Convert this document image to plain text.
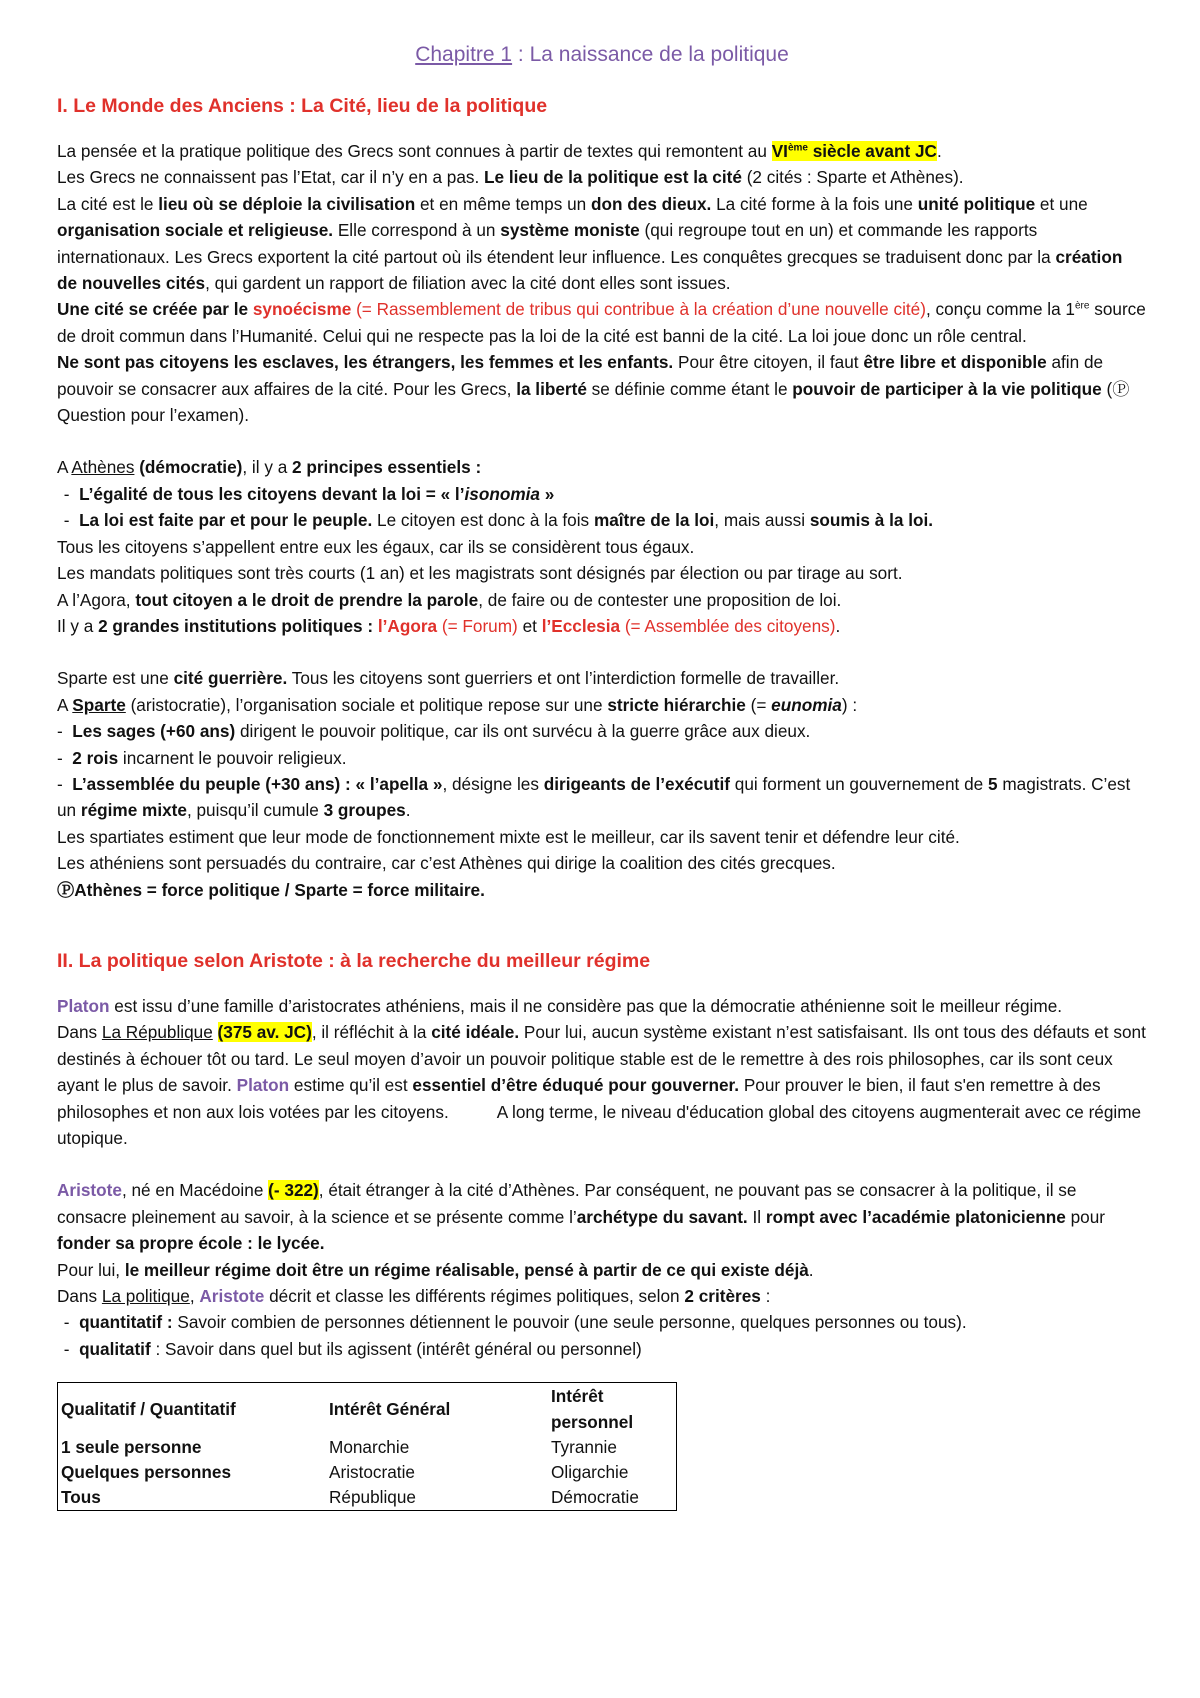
Chapitre 1 : La naissance de la politique
I. Le Monde des Anciens : La Cité, lieu de la politique

La pensée et la pratique politique des Grecs sont connues à partir de textes qui remontent au VIème siècle avant JC.

Les Grecs ne connaissent pas l’Etat, car il n’y en a pas. Le lieu de la politique est la cité (2 cités : Sparte et Athènes).

La cité est le lieu où se déploie la civilisation et en même temps un don des dieux. La cité forme à la fois une unité politique et une organisation sociale et religieuse. Elle correspond à un système moniste (qui regroupe tout en un) et commande les rapports internationaux. Les Grecs exportent la cité partout où ils étendent leur influence. Les conquêtes grecques se traduisent donc par la création de nouvelles cités, qui gardent un rapport de filiation avec la cité dont elles sont issues.

Une cité se créée par le synoécisme (= Rassemblement de tribus qui contribue à la création d’une nouvelle cité), conçu comme la 1ère source de droit commun dans l’Humanité. Celui qui ne respecte pas la loi de la cité est banni de la cité. La loi joue donc un rôle central.

Ne sont pas citoyens les esclaves, les étrangers, les femmes et les enfants. Pour être citoyen, il faut être libre et disponible afin de pouvoir se consacrer aux affaires de la cité. Pour les Grecs, la liberté se définie comme étant le pouvoir de participer à la vie politique (Ⓟ Question pour l’examen).

A Athènes (démocratie), il y a 2 principes essentiels :

-  L’égalité de tous les citoyens devant la loi = « l’isonomia »

-  La loi est faite par et pour le peuple. Le citoyen est donc à la fois maître de la loi, mais aussi soumis à la loi.

Tous les citoyens s’appellent entre eux les égaux, car ils se considèrent tous égaux.

Les mandats politiques sont très courts (1 an) et les magistrats sont désignés par élection ou par tirage au sort.

A l’Agora, tout citoyen a le droit de prendre la parole, de faire ou de contester une proposition de loi.

Il y a 2 grandes institutions politiques : l’Agora (= Forum) et l’Ecclesia (= Assemblée des citoyens).

Sparte est une cité guerrière. Tous les citoyens sont guerriers et ont l’interdiction formelle de travailler.

A Sparte (aristocratie), l’organisation sociale et politique repose sur une stricte hiérarchie (= eunomia) :

-  Les sages (+60 ans) dirigent le pouvoir politique, car ils ont survécu à la guerre grâce aux dieux.

-  2 rois incarnent le pouvoir religieux.

-  L’assemblée du peuple (+30 ans) : « l’apella », désigne les dirigeants de l’exécutif qui forment un gouvernement de 5 magistrats. C’est un régime mixte, puisqu’il cumule 3 groupes.

Les spartiates estiment que leur mode de fonctionnement mixte est le meilleur, car ils savent tenir et défendre leur cité.

Les athéniens sont persuadés du contraire, car c’est Athènes qui dirige la coalition des cités grecques.

ⓅAthènes = force politique / Sparte = force militaire.

II. La politique selon Aristote : à la recherche du meilleur régime

Platon est issu d’une famille d’aristocrates athéniens, mais il ne considère pas que la démocratie athénienne soit le meilleur régime.

Dans La République (375 av. JC), il réfléchit à la cité idéale. Pour lui, aucun système existant n’est satisfaisant. Ils ont tous des défauts et sont destinés à échouer tôt ou tard. Le seul moyen d’avoir un pouvoir politique stable est de le remettre à des rois philosophes, car ils sont ceux ayant le plus de savoir. Platon estime qu’il est essentiel d’être éduqué pour gouverner. Pour prouver le bien, il faut s'en remettre à des philosophes et non aux lois votées par les citoyens.	A long terme, le niveau d'éducation global des citoyens augmenterait avec ce régime utopique.

Aristote, né en Macédoine (- 322), était étranger à la cité d’Athènes. Par conséquent, ne pouvant pas se consacrer à la politique, il se consacre pleinement au savoir, à la science et se présente comme l’archétype du savant. Il rompt avec l’académie platonicienne pour fonder sa propre école : le lycée.

Pour lui, le meilleur régime doit être un régime réalisable, pensé à partir de ce qui existe déjà.

Dans La politique, Aristote décrit et classe les différents régimes politiques, selon 2 critères :

-  quantitatif : Savoir combien de personnes détiennent le pouvoir (une seule personne, quelques personnes ou tous).

-  qualitatif : Savoir dans quel but ils agissent (intérêt général ou personnel)

Qualitatif / Quantitatif	Intérêt Général	Intérêt personnel
1 seule personne	Monarchie	Tyrannie
Quelques personnes	Aristocratie	Oligarchie
Tous	République	Démocratie
